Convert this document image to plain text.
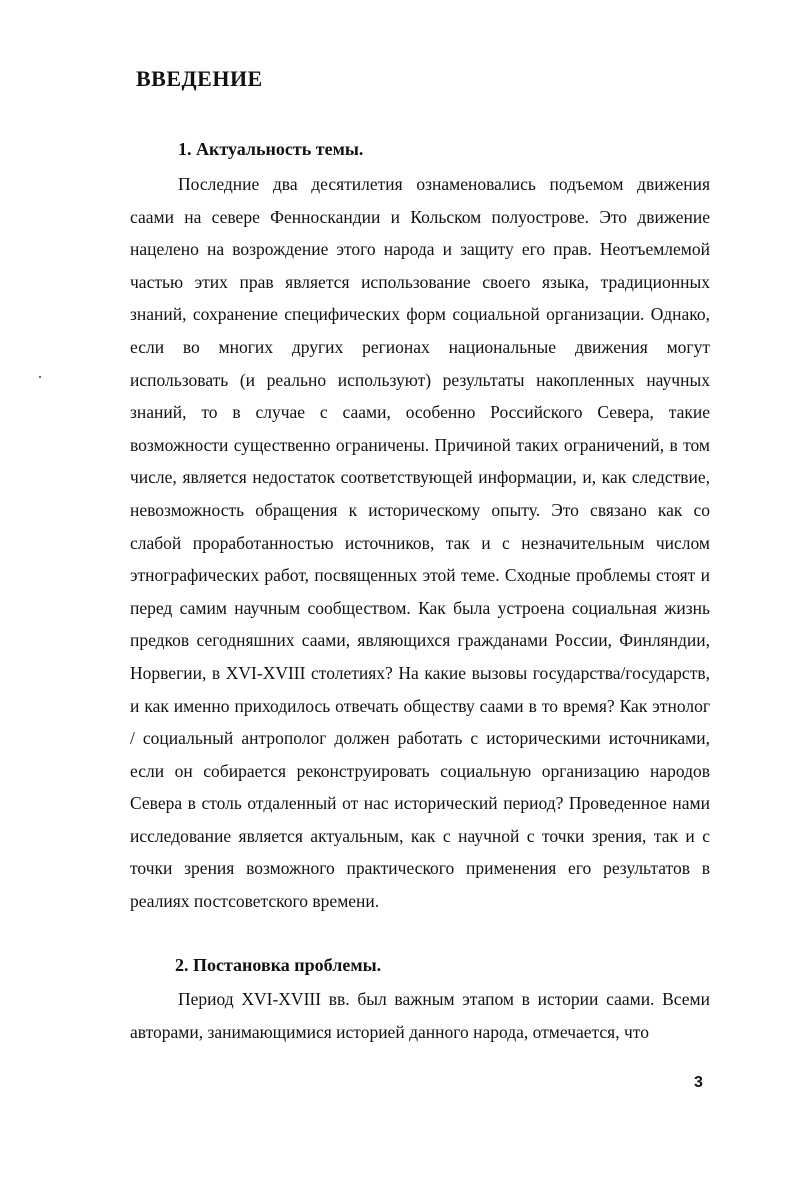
ВВЕДЕНИЕ
1. Актуальность темы.

Последние два десятилетия ознаменовались подъемом движения саами на севере Фенноскандии и Кольском полуострове. Это движение нацелено на возрождение этого народа и защиту его прав. Неотъемлемой частью этих прав является использование своего языка, традиционных знаний, сохранение специфических форм социальной организации. Однако, если во многих других регионах национальные движения могут использовать (и реально используют) результаты накопленных научных знаний, то в случае с саами, особенно Российского Севера, такие возможности существенно ограничены. Причиной таких ограничений, в том числе, является недостаток соответствующей информации, и, как следствие, невозможность обращения к историческому опыту. Это связано как со слабой проработанностью источников, так и с незначительным числом этнографических работ, посвященных этой теме. Сходные проблемы стоят и перед самим научным сообществом. Как была устроена социальная жизнь предков сегодняшних саами, являющихся гражданами России, Финляндии, Норвегии, в XVI-XVIII столетиях? На какие вызовы государства/государств, и как именно приходилось отвечать обществу саами в то время? Как этнолог / социальный антрополог должен работать с историческими источниками, если он собирается реконструировать социальную организацию народов Севера в столь отдаленный от нас исторический период? Проведенное нами исследование является актуальным, как с научной с точки зрения, так и с точки зрения возможного практического применения его результатов в реалиях постсоветского времени.

2. Постановка проблемы.

Период XVI-XVIII вв. был важным этапом в истории саами. Всеми авторами, занимающимися историей данного народа, отмечается, что

3
